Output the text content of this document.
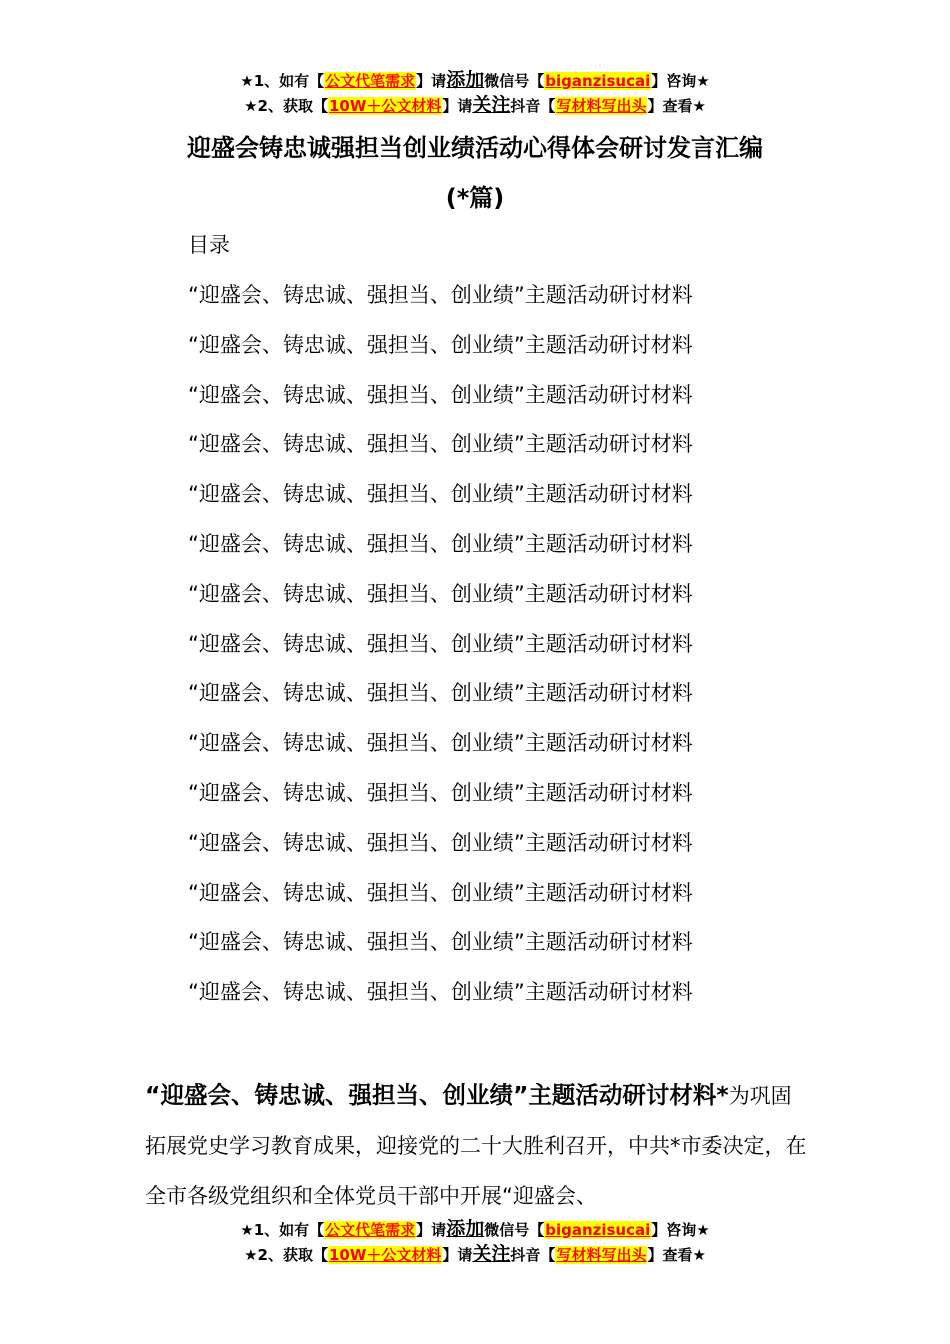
★1、如有【公文代笔需求】请添加微信号【biganzisucai】咨询★
★2、获取【10W＋公文材料】请关注抖音【写材料写出头】查看★
迎盛会铸忠诚强担当创业绩活动心得体会研讨发言汇编
(*篇)
目录
“迎盛会、铸忠诚、强担当、创业绩”主题活动研讨材料
“迎盛会、铸忠诚、强担当、创业绩”主题活动研讨材料
“迎盛会、铸忠诚、强担当、创业绩”主题活动研讨材料
“迎盛会、铸忠诚、强担当、创业绩”主题活动研讨材料
“迎盛会、铸忠诚、强担当、创业绩”主题活动研讨材料
“迎盛会、铸忠诚、强担当、创业绩”主题活动研讨材料
“迎盛会、铸忠诚、强担当、创业绩”主题活动研讨材料
“迎盛会、铸忠诚、强担当、创业绩”主题活动研讨材料
“迎盛会、铸忠诚、强担当、创业绩”主题活动研讨材料
“迎盛会、铸忠诚、强担当、创业绩”主题活动研讨材料
“迎盛会、铸忠诚、强担当、创业绩”主题活动研讨材料
“迎盛会、铸忠诚、强担当、创业绩”主题活动研讨材料
“迎盛会、铸忠诚、强担当、创业绩”主题活动研讨材料
“迎盛会、铸忠诚、强担当、创业绩”主题活动研讨材料
“迎盛会、铸忠诚、强担当、创业绩”主题活动研讨材料

“迎盛会、铸忠诚、强担当、创业绩”主题活动研讨材料*为巩固拓展党史学习教育成果，迎接党的二十大胜利召开，中共*市委决定，在全市各级党组织和全体党员干部中开展“迎盛会、

★1、如有【公文代笔需求】请添加微信号【biganzisucai】咨询★
★2、获取【10W＋公文材料】请关注抖音【写材料写出头】查看★
